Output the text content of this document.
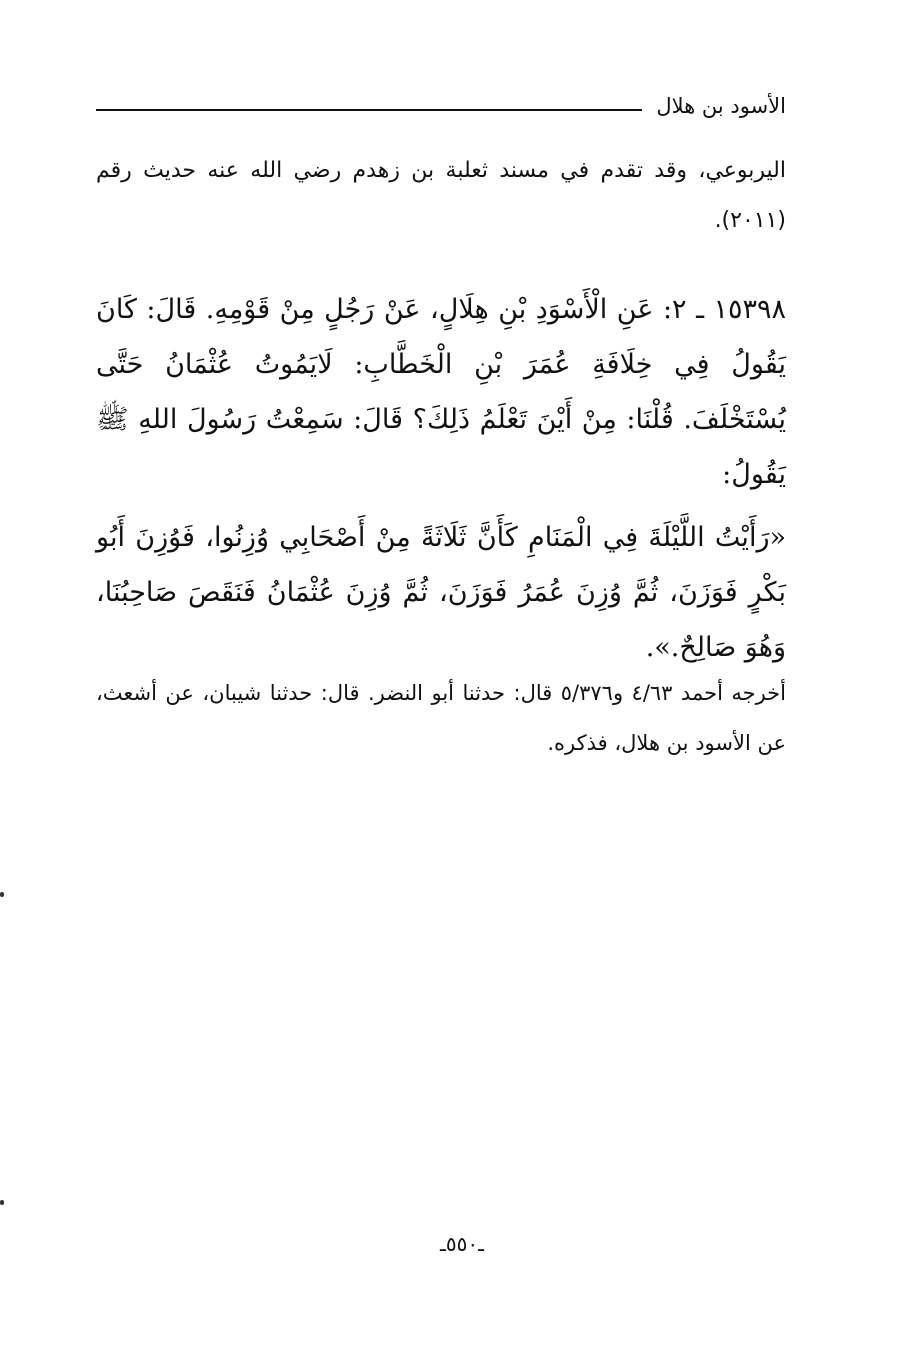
الأسود بن هلال

اليربوعي، وقد تقدم في مسند ثعلبة بن زهدم رضي الله عنه حديث رقم (٢٠١١).

١٥٣٩٨ ـ ٢: عَنِ الْأَسْوَدِ بْنِ هِلَالٍ، عَنْ رَجُلٍ مِنْ قَوْمِهِ. قَالَ: كَانَ يَقُولُ فِي خِلَافَةِ عُمَرَ بْنِ الْخَطَّابِ: لَايَمُوتُ عُثْمَانُ حَتَّى يُسْتَخْلَفَ. قُلْنَا: مِنْ أَيْنَ تَعْلَمُ ذَلِكَ؟ قَالَ: سَمِعْتُ رَسُولَ اللهِ ﷺ يَقُولُ:

«رَأَيْتُ اللَّيْلَةَ فِي الْمَنَامِ كَأَنَّ ثَلَاثَةً مِنْ أَصْحَابِي وُزِنُوا، فَوُزِنَ أَبُو بَكْرٍ فَوَزَنَ، ثُمَّ وُزِنَ عُمَرُ فَوَزَنَ، ثُمَّ وُزِنَ عُثْمَانُ فَنَقَصَ صَاحِبُنَا، وَهُوَ صَالِحٌ.».

أخرجه أحمد ٤/٦٣ و٥/٣٧٦ قال: حدثنا أبو النضر. قال: حدثنا شيبان، عن أشعث، عن الأسود بن هلال، فذكره.

ـ٥٥٠ـ
